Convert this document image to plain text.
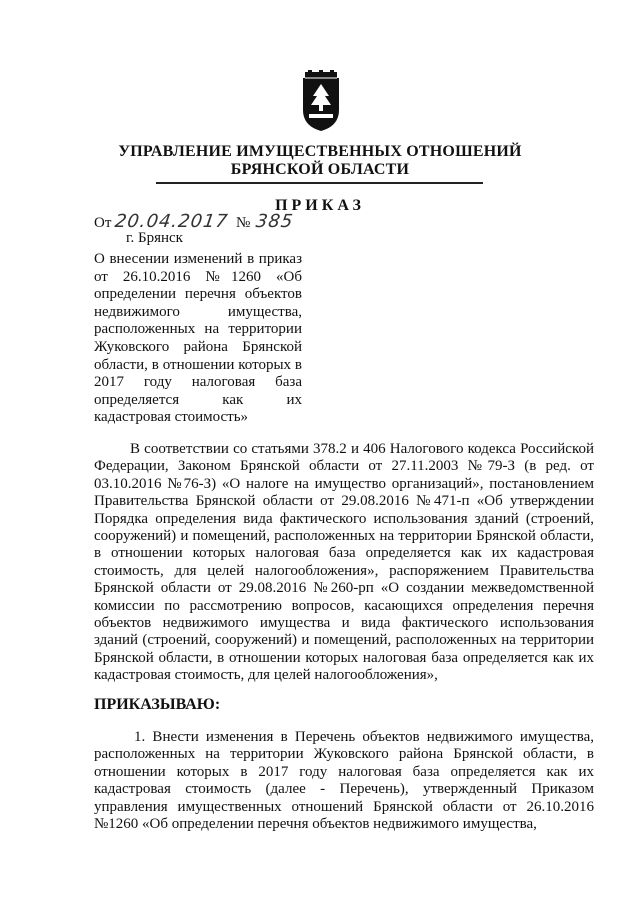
УПРАВЛЕНИЕ ИМУЩЕСТВЕННЫХ ОТНОШЕНИЙ
БРЯНСКОЙ ОБЛАСТИ
ПРИКАЗ
От 20.04.2017 № 385
г. Брянск
О внесении изменений в приказ от 26.10.2016 №1260 «Об определении перечня объектов недвижимого имущества, расположенных на территории Жуковского района Брянской области, в отношении которых в 2017 году налоговая база определяется как их кадастровая стоимость»
В соответствии со статьями 378.2 и 406 Налогового кодекса Российской Федерации, Законом Брянской области от 27.11.2003 №79-З (в ред. от 03.10.2016 №76-З) «О налоге на имущество организаций», постановлением Правительства Брянской области от 29.08.2016 №471-п «Об утверждении Порядка определения вида фактического использования зданий (строений, сооружений) и помещений, расположенных на территории Брянской области, в отношении которых налоговая база определяется как их кадастровая стоимость, для целей налогообложения», распоряжением Правительства Брянской области от 29.08.2016 №260-рп «О создании межведомственной комиссии по рассмотрению вопросов, касающихся определения перечня объектов недвижимого имущества и вида фактического использования зданий (строений, сооружений) и помещений, расположенных на территории Брянской области, в отношении которых налоговая база определяется как их кадастровая стоимость, для целей налогообложения»,
ПРИКАЗЫВАЮ:
1. Внести изменения в Перечень объектов недвижимого имущества, расположенных на территории Жуковского района Брянской области, в отношении которых в 2017 году налоговая база определяется как их кадастровая стоимость (далее - Перечень), утвержденный Приказом управления имущественных отношений Брянской области от 26.10.2016 №1260 «Об определении перечня объектов недвижимого имущества,
